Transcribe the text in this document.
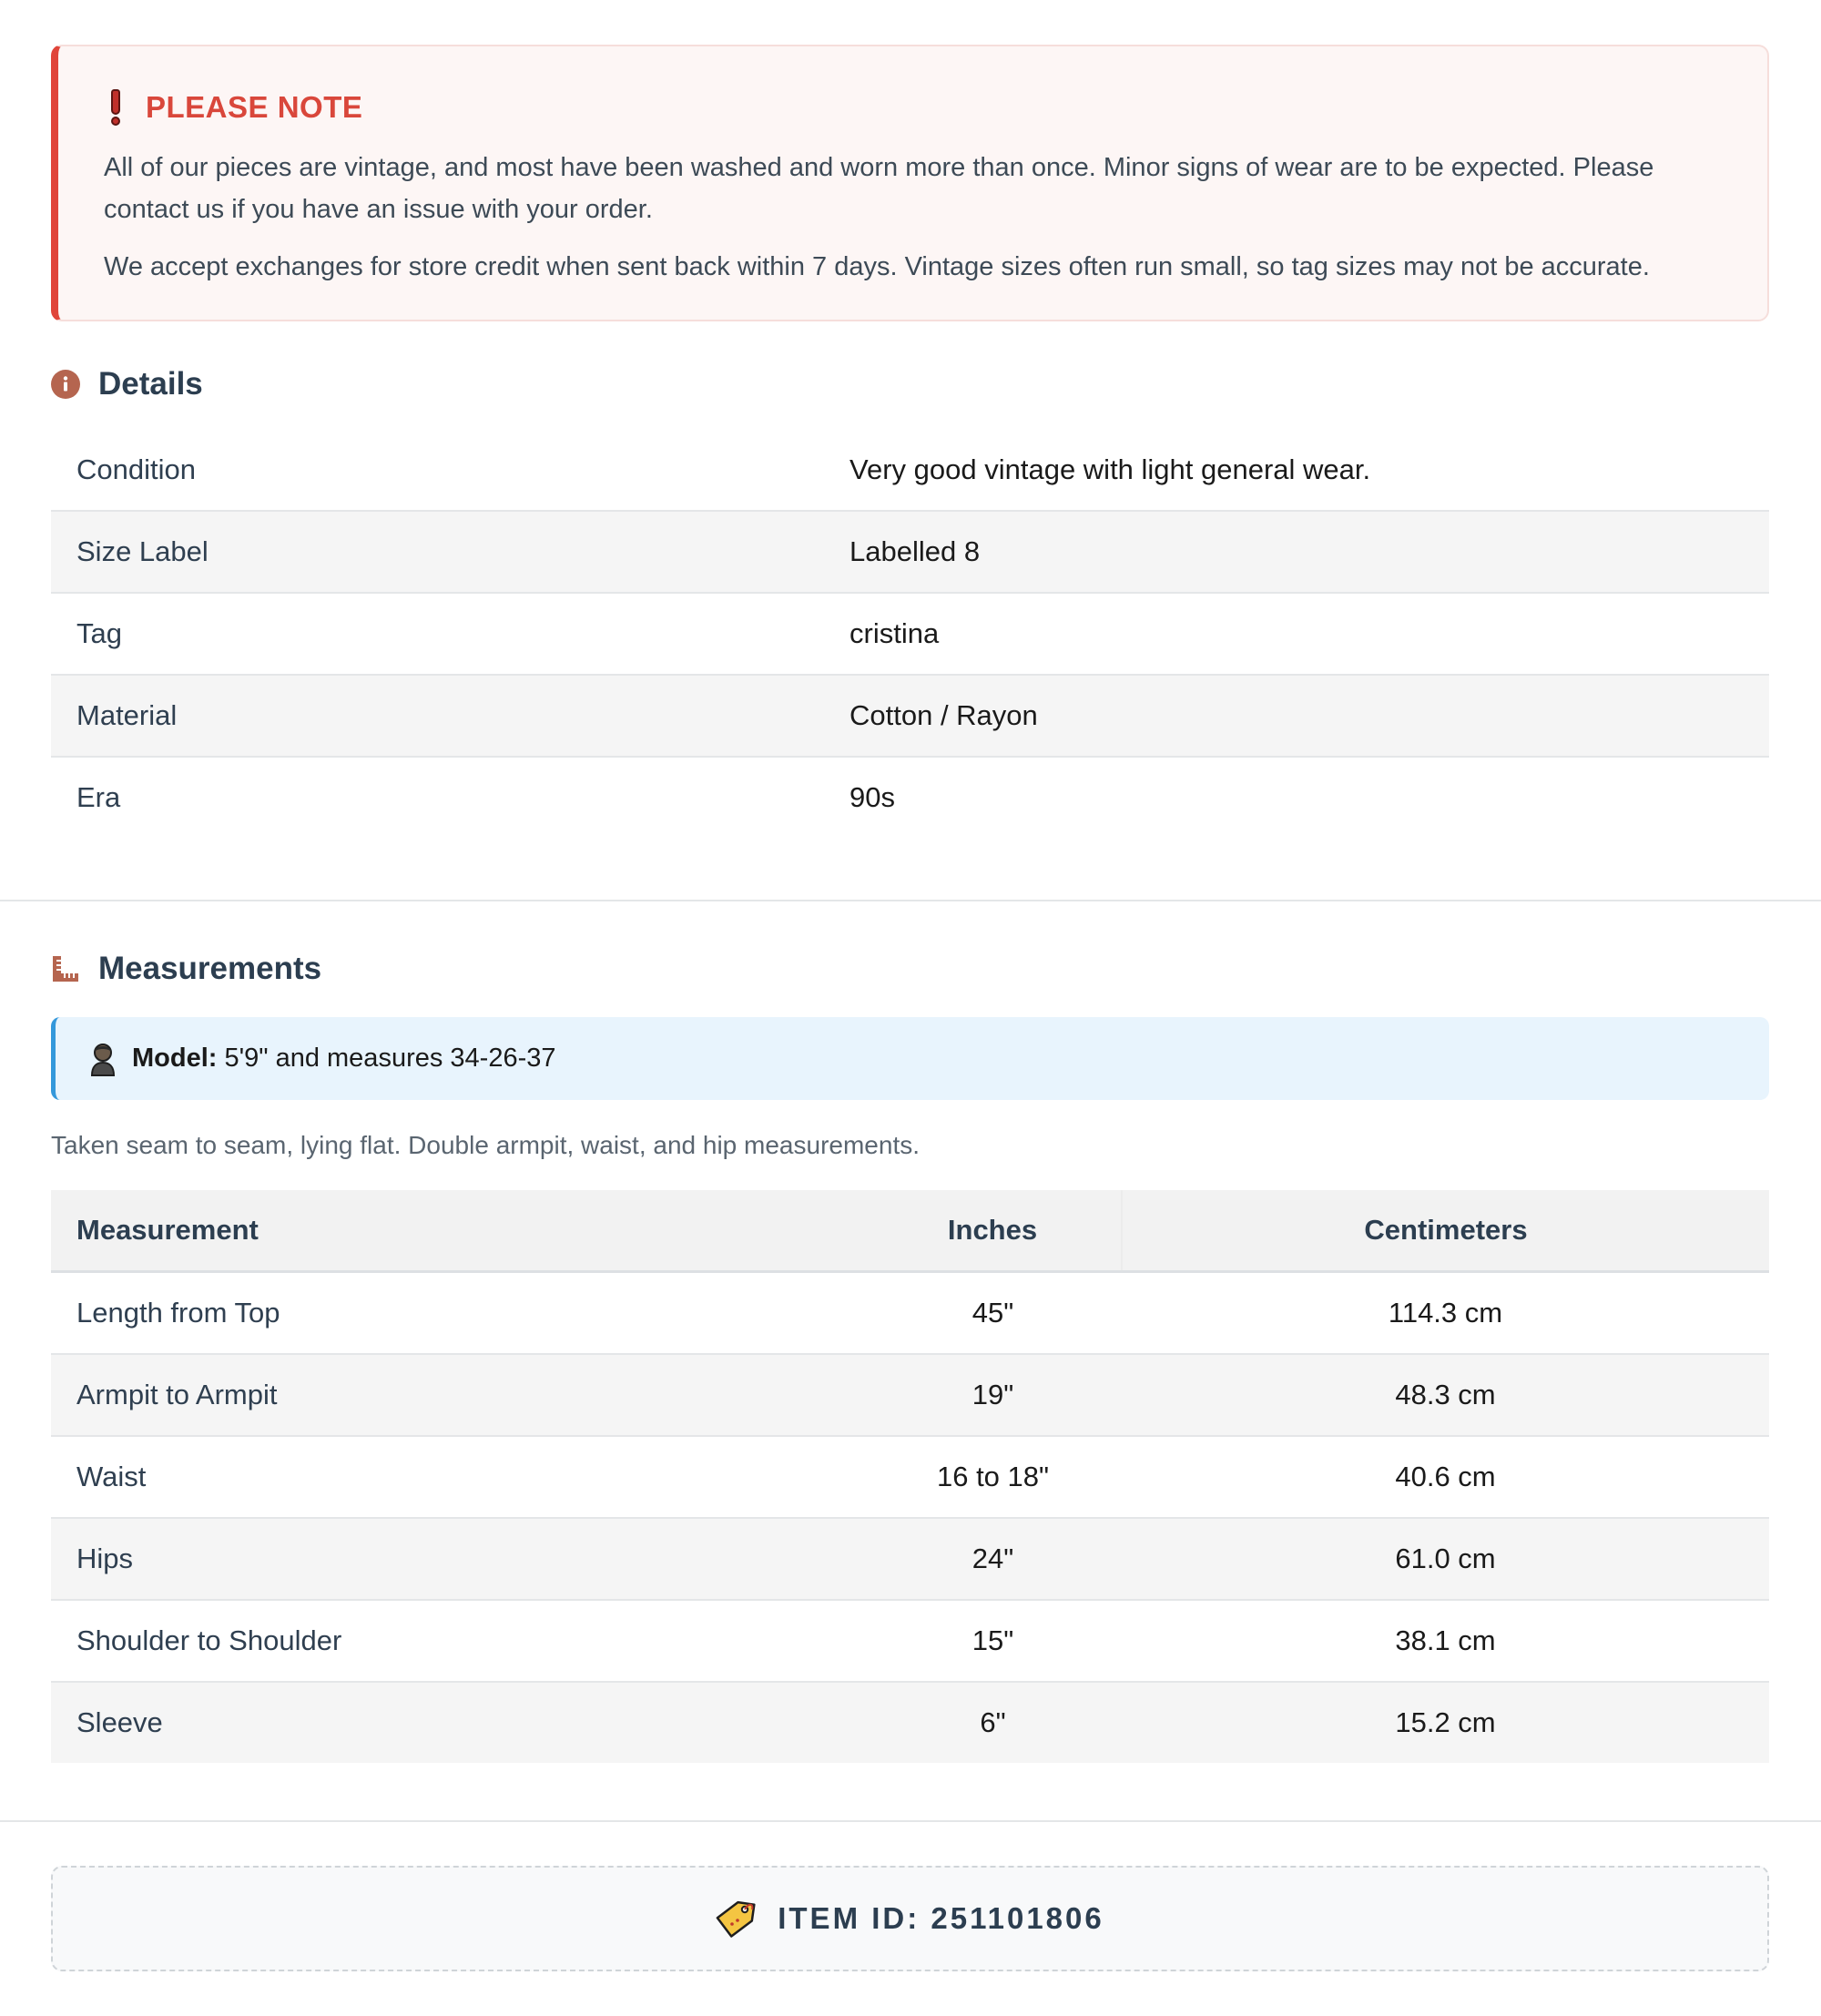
PLEASE NOTE

All of our pieces are vintage, and most have been washed and worn more than once. Minor signs of wear are to be expected. Please contact us if you have an issue with your order.

We accept exchanges for store credit when sent back within 7 days. Vintage sizes often run small, so tag sizes may not be accurate.

Details
Condition	Very good vintage with light general wear.
Size Label	Labelled 8
Tag	cristina
Material	Cotton / Rayon
Era	90s
Measurements
Model: 5'9" and measures 34-26-37
Taken seam to seam, lying flat. Double armpit, waist, and hip measurements.
Measurement	Inches	Centimeters
Length from Top	45"	114.3 cm
Armpit to Armpit	19"	48.3 cm
Waist	16 to 18"	40.6 cm
Hips	24"	61.0 cm
Shoulder to Shoulder	15"	38.1 cm
Sleeve	6"	15.2 cm
ITEM ID: 251101806
